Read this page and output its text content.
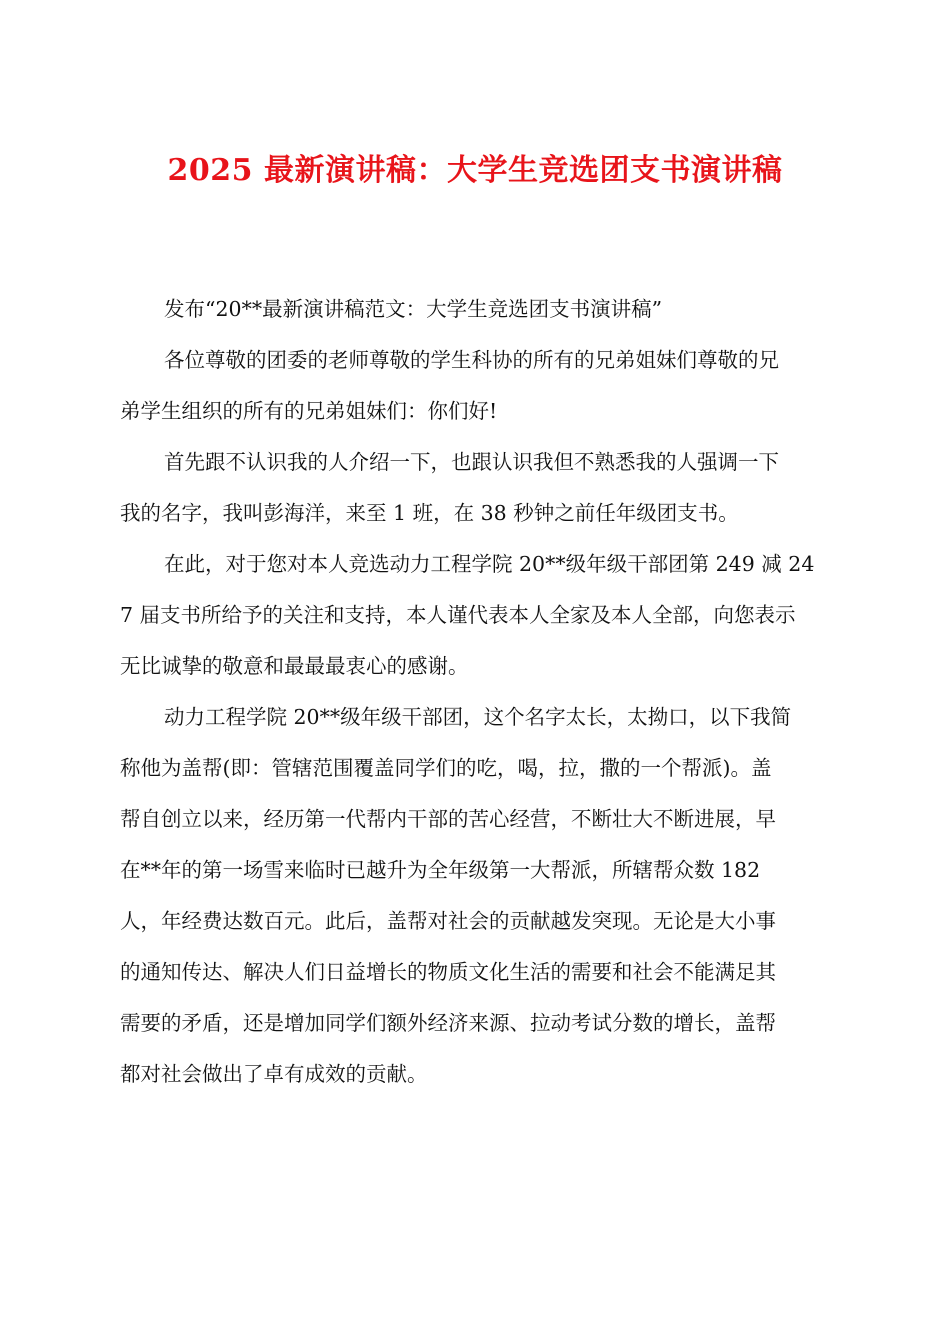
2025 最新演讲稿：大学生竞选团支书演讲稿
发布“20**最新演讲稿范文：大学生竞选团支书演讲稿”
各位尊敬的团委的老师尊敬的学生科协的所有的兄弟姐妹们尊敬的兄
弟学生组织的所有的兄弟姐妹们：你们好!
首先跟不认识我的人介绍一下，也跟认识我但不熟悉我的人强调一下
我的名字，我叫彭海洋，来至 1 班，在 38 秒钟之前任年级团支书。
在此，对于您对本人竞选动力工程学院 20**级年级干部团第 249 减 24
7 届支书所给予的关注和支持，本人谨代表本人全家及本人全部，向您表示
无比诚挚的敬意和最最最衷心的感谢。
动力工程学院 20**级年级干部团，这个名字太长，太拗口，以下我简
称他为盖帮(即：管辖范围覆盖同学们的吃，喝，拉，撒的一个帮派)。盖
帮自创立以来，经历第一代帮内干部的苦心经营，不断壮大不断进展，早
在**年的第一场雪来临时已越升为全年级第一大帮派，所辖帮众数 182
人，年经费达数百元。此后，盖帮对社会的贡献越发突现。无论是大小事
的通知传达、解决人们日益增长的物质文化生活的需要和社会不能满足其
需要的矛盾，还是增加同学们额外经济来源、拉动考试分数的增长，盖帮
都对社会做出了卓有成效的贡献。
